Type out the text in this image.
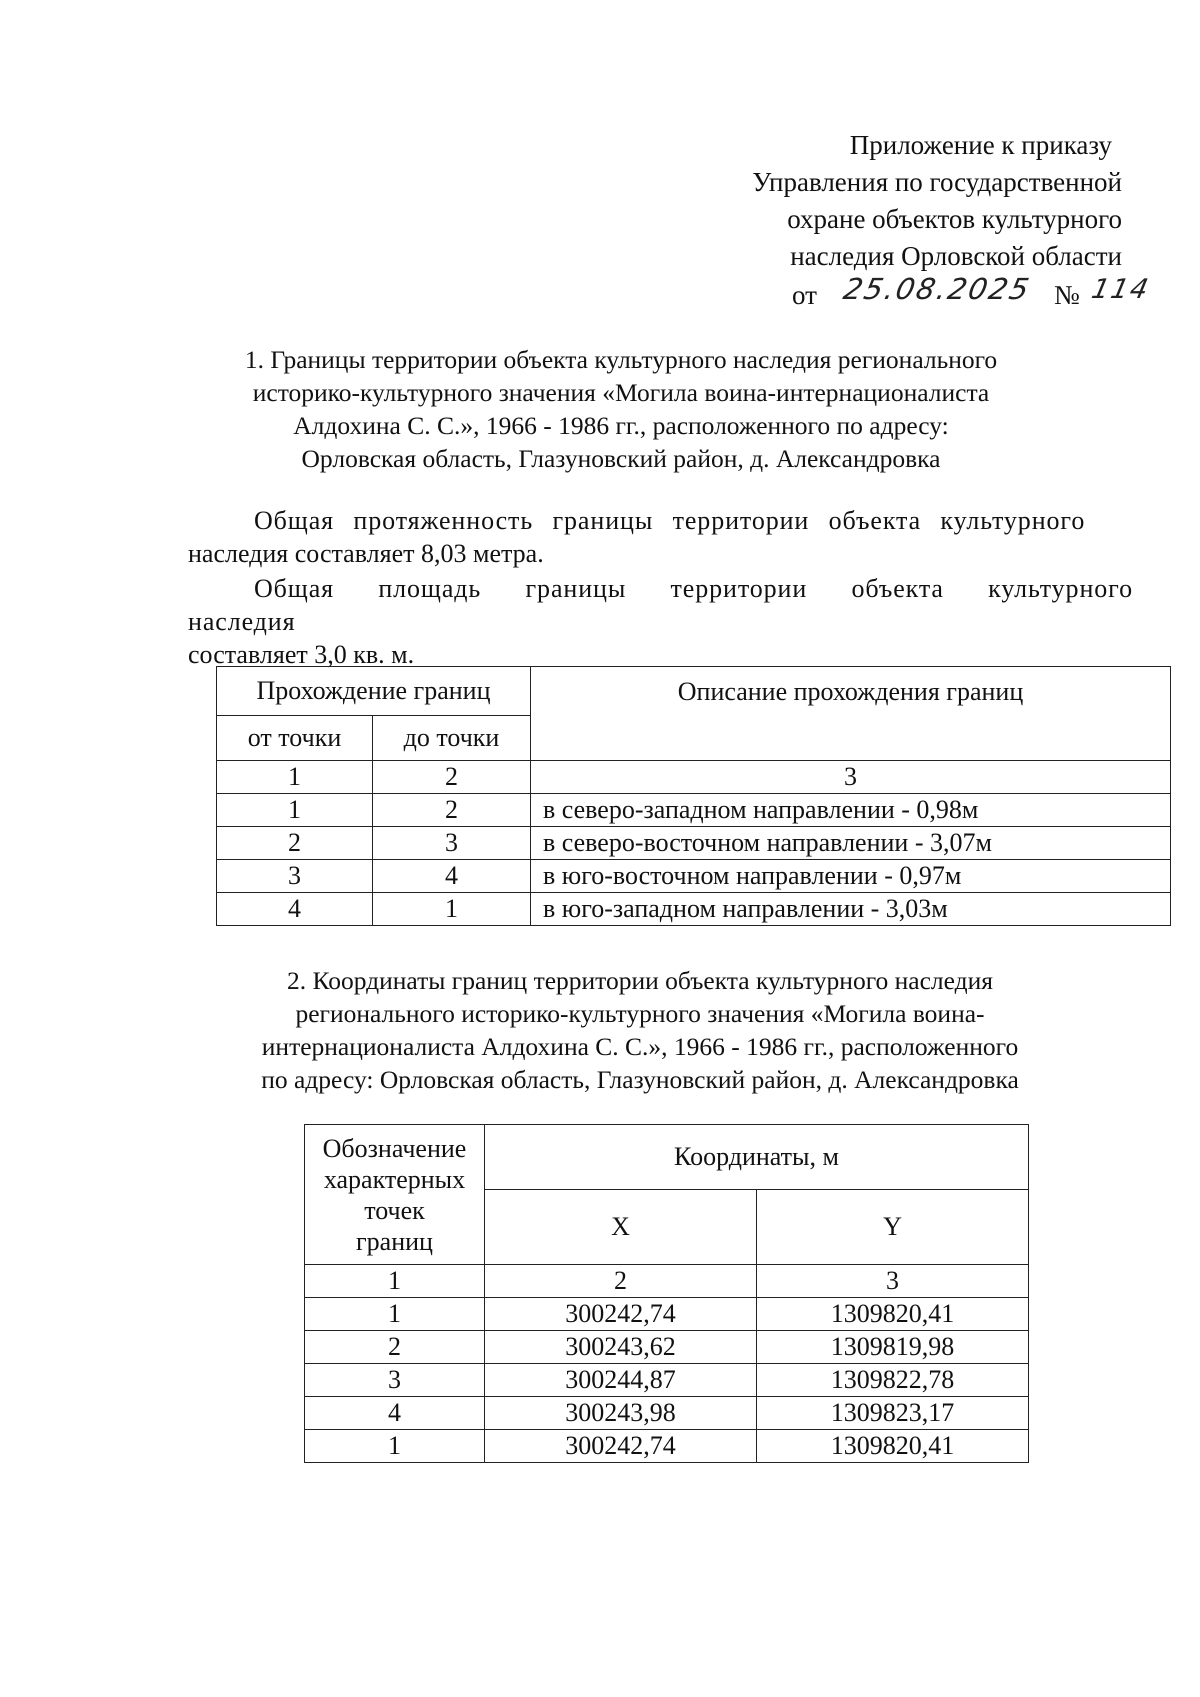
Приложение к приказу
Управления по государственной
охране объектов культурного
наследия Орловской области
от 25.08.2025 № 114
1. Границы территории объекта культурного наследия регионального
историко-культурного значения «Могила воина-интернационалиста
Алдохина С. С.», 1966 - 1986 гг., расположенного по адресу:
Орловская область, Глазуновский район, д. Александровка
Общая протяженность границы территории объекта культурного
наследия составляет 8,03 метра.
Общая площадь границы территории объекта культурного наследия
составляет 3,0 кв. м.
Прохождение границ		Описание прохождения границ
от точки	до точки	
1	2	3
1	2	в северо-западном направлении - 0,98м
2	3	в северо-восточном направлении - 3,07м
3	4	в юго-восточном направлении - 0,97м
4	1	в юго-западном направлении - 3,03м
2. Координаты границ территории объекта культурного наследия
регионального историко-культурного значения «Могила воина-
интернационалиста Алдохина С. С.», 1966 - 1986 гг., расположенного
по адресу: Орловская область, Глазуновский район, д. Александровка
Обозначение
характерных
точек
границ	Координаты, м	
	X	Y
1	2	3
1	300242,74	1309820,41
2	300243,62	1309819,98
3	300244,87	1309822,78
4	300243,98	1309823,17
1	300242,74	1309820,41
